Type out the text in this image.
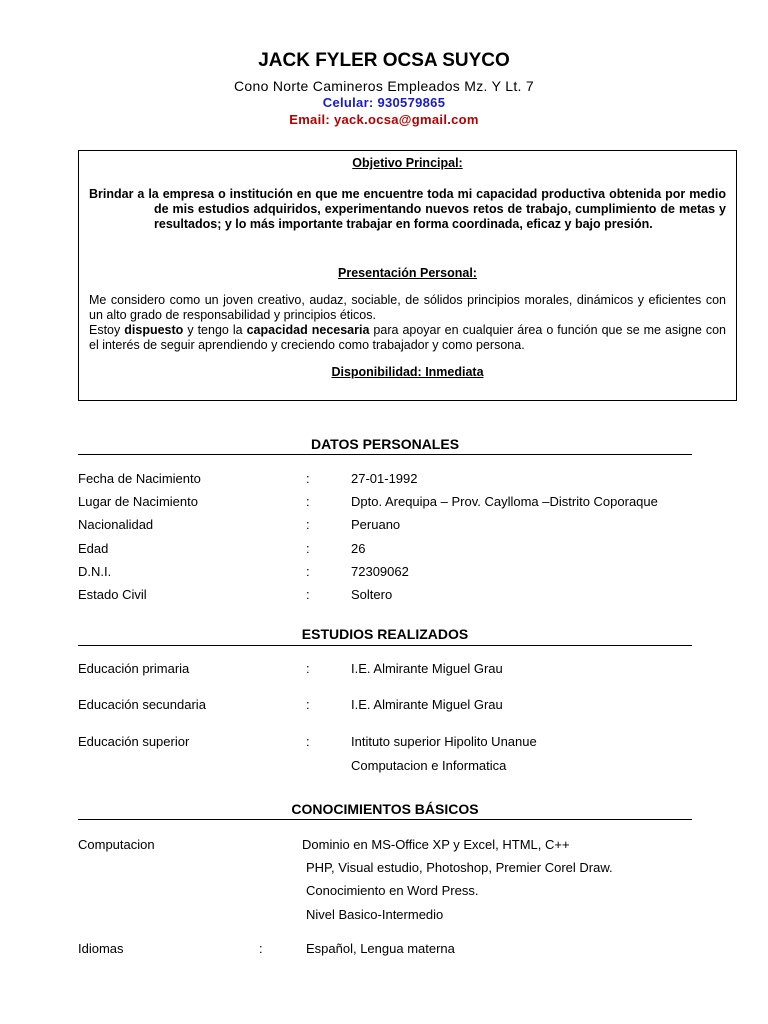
JACK FYLER OCSA SUYCO
Cono Norte Camineros Empleados Mz. Y Lt. 7
Celular: 930579865
Email: yack.ocsa@gmail.com
Objetivo Principal:

Brindar a la empresa o institución en que me encuentre toda mi capacidad productiva obtenida por medio de mis estudios adquiridos, experimentando nuevos retos de trabajo, cumplimiento de metas y resultados; y lo más importante trabajar en forma coordinada, eficaz y bajo presión.

Presentación Personal:

Me considero como un joven creativo, audaz, sociable, de sólidos principios morales, dinámicos y eficientes con un alto grado de responsabilidad y principios éticos.

Estoy dispuesto y tengo la capacidad necesaria para apoyar en cualquier área o función que se me asigne con el interés de seguir aprendiendo y creciendo como trabajador y como persona.

Disponibilidad: Inmediata
DATOS PERSONALES
Fecha de Nacimiento	:	27-01-1992
Lugar de Nacimiento	:	Dpto. Arequipa – Prov. Caylloma –Distrito Coporaque
Nacionalidad	:	Peruano
Edad	:	26
D.N.I.	:	72309062
Estado Civil	:	Soltero
ESTUDIOS REALIZADOS
Educación primaria	:	I.E. Almirante Miguel Grau
Educación secundaria	:	I.E. Almirante Miguel Grau
Educación superior	:	Intituto superior Hipolito Unanue
Computacion e Informatica
CONOCIMIENTOS BÁSICOS
Computacion	Dominio en MS-Office XP y Excel, HTML, C++
PHP, Visual estudio, Photoshop, Premier Corel Draw.
Conocimiento en Word Press.
Nivel Basico-Intermedio
Idiomas	:	Español, Lengua materna
